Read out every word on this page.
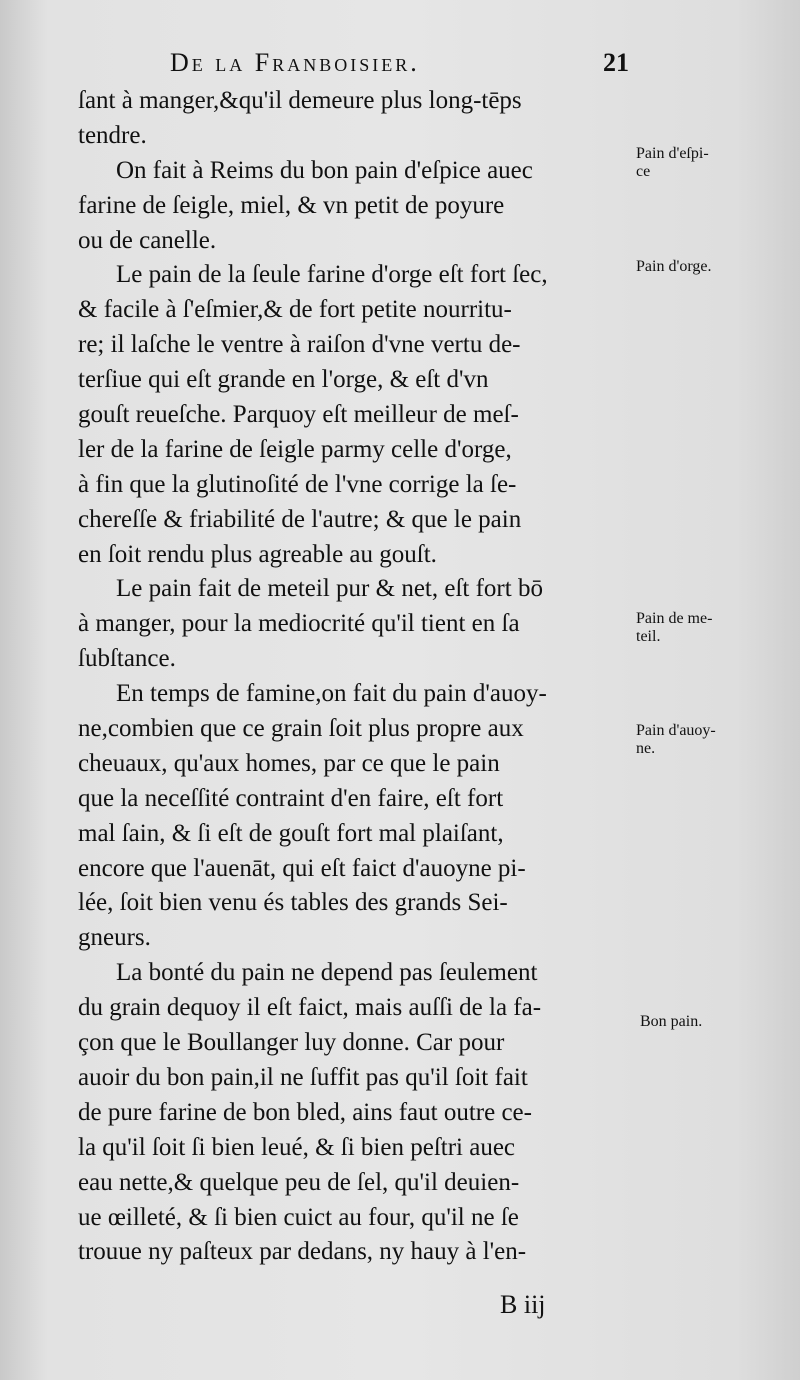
De la Franboisier.	21
ſant à manger,&qu'il demeure plus long-tēps
tendre.
On fait à Reims du bon pain d'eſpice auec
farine de ſeigle, miel, & vn petit de poyure
ou de canelle.
Le pain de la ſeule farine d'orge eſt fort ſec,
& facile à ſ'eſmier,& de fort petite nourritu-
re; il laſche le ventre à raiſon d'vne vertu de-
terſiue qui eſt grande en l'orge, & eſt d'vn
gouſt reueſche. Parquoy eſt meilleur de meſ-
ler de la farine de ſeigle parmy celle d'orge,
à fin que la glutinoſité de l'vne corrige la ſe-
chereſſe & friabilité de l'autre; & que le pain
en ſoit rendu plus agreable au gouſt.
Le pain fait de meteil pur & net, eſt fort bō
à manger, pour la mediocrité qu'il tient en ſa
ſubſtance.
En temps de famine,on fait du pain d'auoy-
ne,combien que ce grain ſoit plus propre aux
cheuaux, qu'aux homes, par ce que le pain
que la neceſſité contraint d'en faire, eſt fort
mal ſain, & ſi eſt de gouſt fort mal plaiſant,
encore que l'auenāt, qui eſt faict d'auoyne pi-
lée, ſoit bien venu és tables des grands Sei-
gneurs.
La bonté du pain ne depend pas ſeulement
du grain dequoy il eſt faict, mais auſſi de la fa-
çon que le Boullanger luy donne. Car pour
auoir du bon pain,il ne ſuffit pas qu'il ſoit fait
de pure farine de bon bled, ains faut outre ce-
la qu'il ſoit ſi bien leué, & ſi bien peſtri auec
eau nette,& quelque peu de ſel, qu'il deuien-
ue œilleté, & ſi bien cuict au four, qu'il ne ſe
trouue ny paſteux par dedans, ny hauy à l'en-
Pain d'eſpi-
ce
Pain d'orge.
Pain de me-
teil.
Pain d'auoy-
ne.
Bon pain.
B iij
